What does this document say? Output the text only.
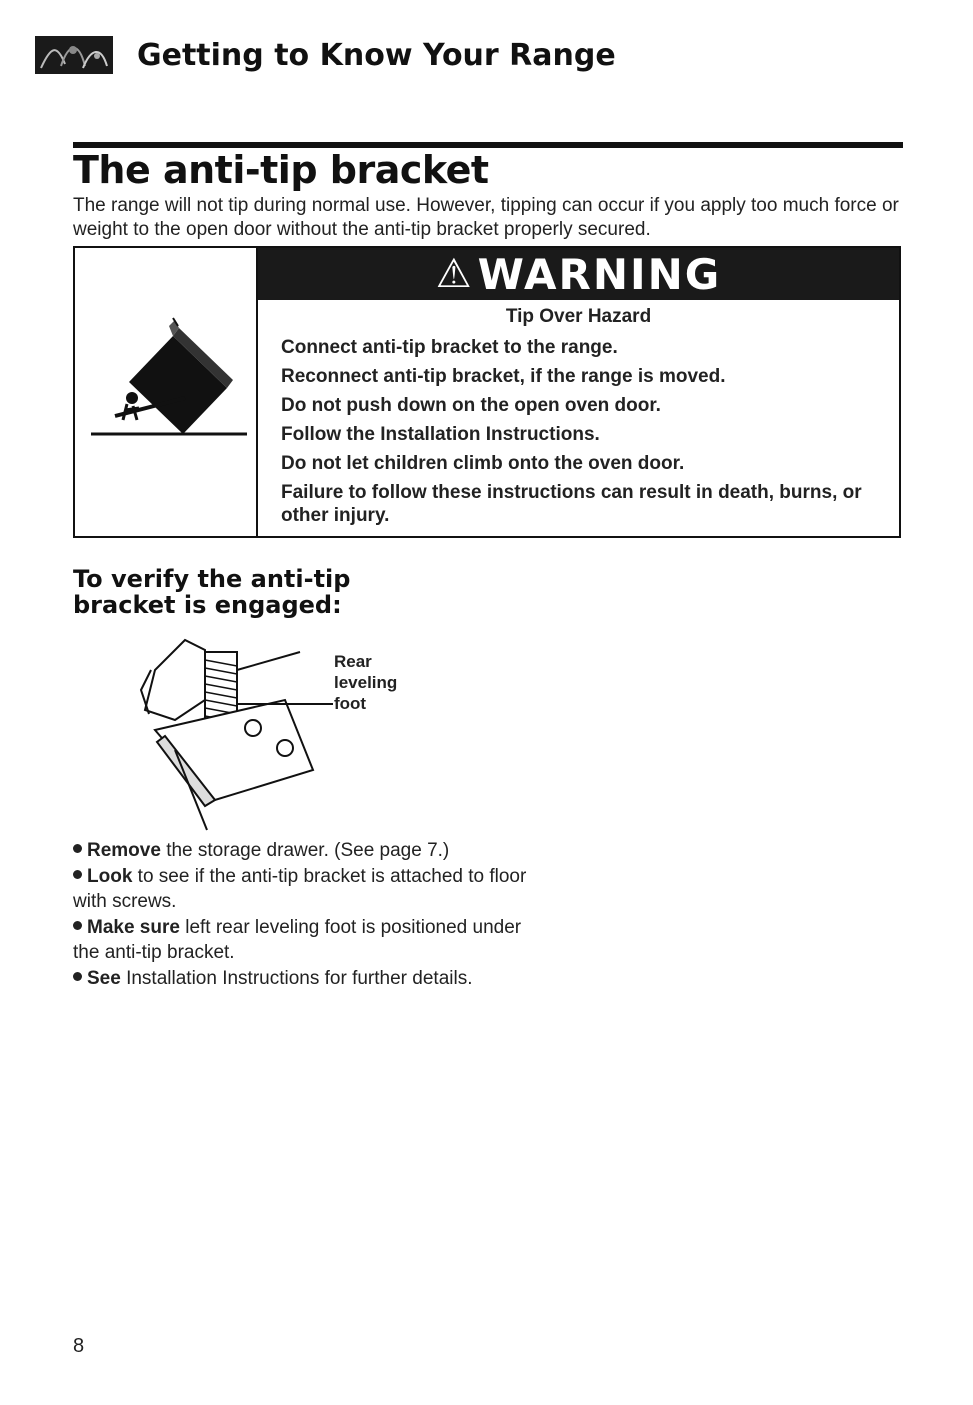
Getting to Know Your Range
The anti-tip bracket
The range will not tip during normal use. However, tipping can occur if you apply too much force or weight to the open door without the anti-tip bracket properly secured.
⚠ WARNING
Tip Over Hazard
Connect anti-tip bracket to the range.
Reconnect anti-tip bracket, if the range is moved.
Do not push down on the open oven door.
Follow the Installation Instructions.
Do not let children climb onto the oven door.
Failure to follow these instructions can result in death, burns, or other injury.
To verify the anti-tip bracket is engaged:
Rear
leveling
foot
Remove the storage drawer. (See page 7.)
Look to see if the anti-tip bracket is attached to floor with screws.
Make sure left rear leveling foot is positioned under the anti-tip bracket.
See Installation Instructions for further details.
8
